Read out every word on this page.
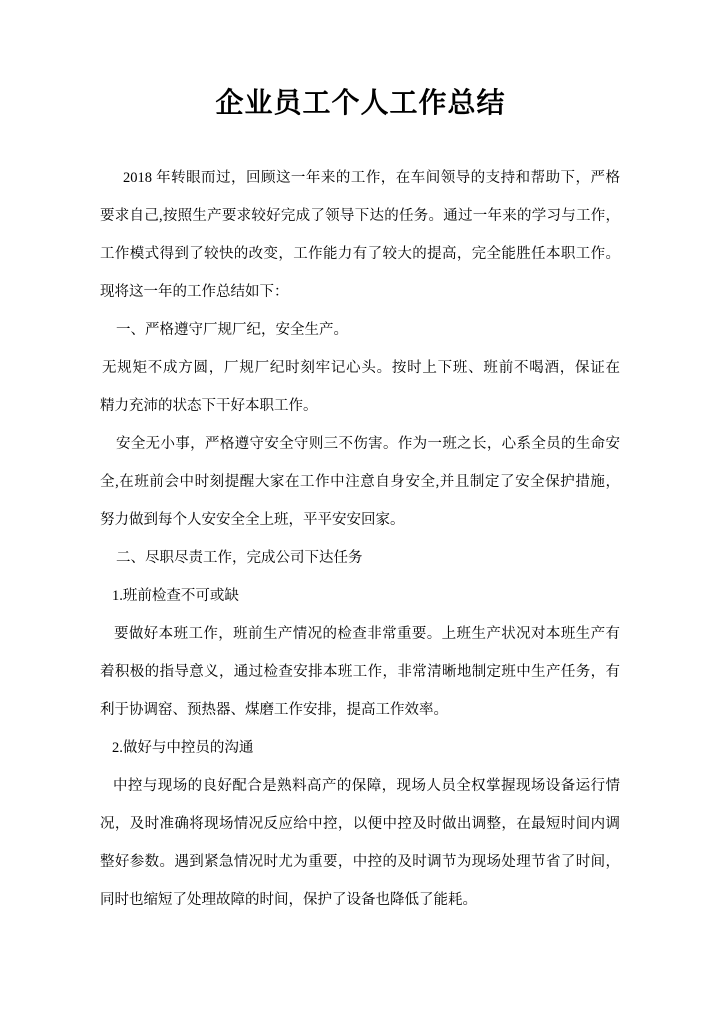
企业员工个人工作总结
2018 年转眼而过，回顾这一年来的工作，在车间领导的支持和帮助下，严格
要求自己,按照生产要求较好完成了领导下达的任务。通过一年来的学习与工作，
工作模式得到了较快的改变，工作能力有了较大的提高，完全能胜任本职工作。
现将这一年的工作总结如下：
一、严格遵守厂规厂纪，安全生产。
无规矩不成方圆，厂规厂纪时刻牢记心头。按时上下班、班前不喝酒，保证在
精力充沛的状态下干好本职工作。
安全无小事，严格遵守安全守则三不伤害。作为一班之长，心系全员的生命安
全,在班前会中时刻提醒大家在工作中注意自身安全,并且制定了安全保护措施，
努力做到每个人安安全全上班，平平安安回家。
二、尽职尽责工作，完成公司下达任务
1.班前检查不可或缺
要做好本班工作，班前生产情况的检查非常重要。上班生产状况对本班生产有
着积极的指导意义，通过检查安排本班工作，非常清晰地制定班中生产任务，有
利于协调窑、预热器、煤磨工作安排，提高工作效率。
2.做好与中控员的沟通
中控与现场的良好配合是熟料高产的保障，现场人员全权掌握现场设备运行情
况，及时准确将现场情况反应给中控，以便中控及时做出调整，在最短时间内调
整好参数。遇到紧急情况时尤为重要，中控的及时调节为现场处理节省了时间，
同时也缩短了处理故障的时间，保护了设备也降低了能耗。
